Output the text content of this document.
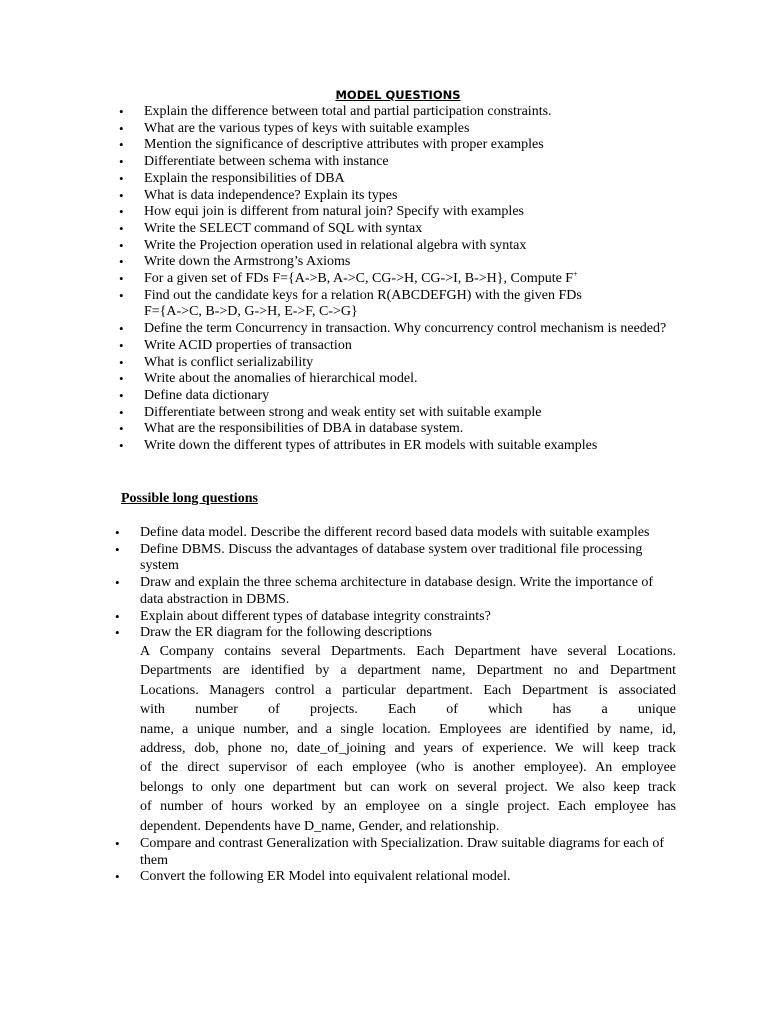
MODEL QUESTIONS
• Explain the difference between total and partial participation constraints.
• What are the various types of keys with suitable examples
• Mention the significance of descriptive attributes with proper examples
• Differentiate between schema with instance
• Explain the responsibilities of DBA
• What is data independence? Explain its types
• How equi join is different from natural join? Specify with examples
• Write the SELECT command of SQL with syntax
• Write the Projection operation used in relational algebra with syntax
• Write down the Armstrong’s Axioms
• For a given set of FDs F={A->B, A->C, CG->H, CG->I, B->H}, Compute F+
• Find out the candidate keys for a relation R(ABCDEFGH) with the given FDs
F={A->C, B->D, G->H, E->F, C->G}
• Define the term Concurrency in transaction. Why concurrency control mechanism is needed?
• Write ACID properties of transaction
• What is conflict serializability
• Write about the anomalies of hierarchical model.
• Define data dictionary
• Differentiate between strong and weak entity set with suitable example
• What are the responsibilities of DBA in database system.
• Write down the different types of attributes in ER models with suitable examples
Possible long questions
• Define data model. Describe the different record based data models with suitable examples
• Define DBMS. Discuss the advantages of database system over traditional file processing system
• Draw and explain the three schema architecture in database design. Write the importance of data abstraction in DBMS.
• Explain about different types of database integrity constraints?
• Draw the ER diagram for the following descriptions
A Company contains several Departments. Each Department have several Locations.
Departments are identified by a department name, Department no and Department
Locations. Managers control a particular department. Each Department is associated
with number of projects. Each of which has a unique
name, a unique number, and a single location. Employees are identified by name, id,
address, dob, phone no, date_of_joining and years of experience. We will keep track
of the direct supervisor of each employee (who is another employee). An employee
belongs to only one department but can work on several project. We also keep track
of number of hours worked by an employee on a single project. Each employee has
dependent. Dependents have D_name, Gender, and relationship.
• Compare and contrast Generalization with Specialization. Draw suitable diagrams for each of them
• Convert the following ER Model into equivalent relational model.
